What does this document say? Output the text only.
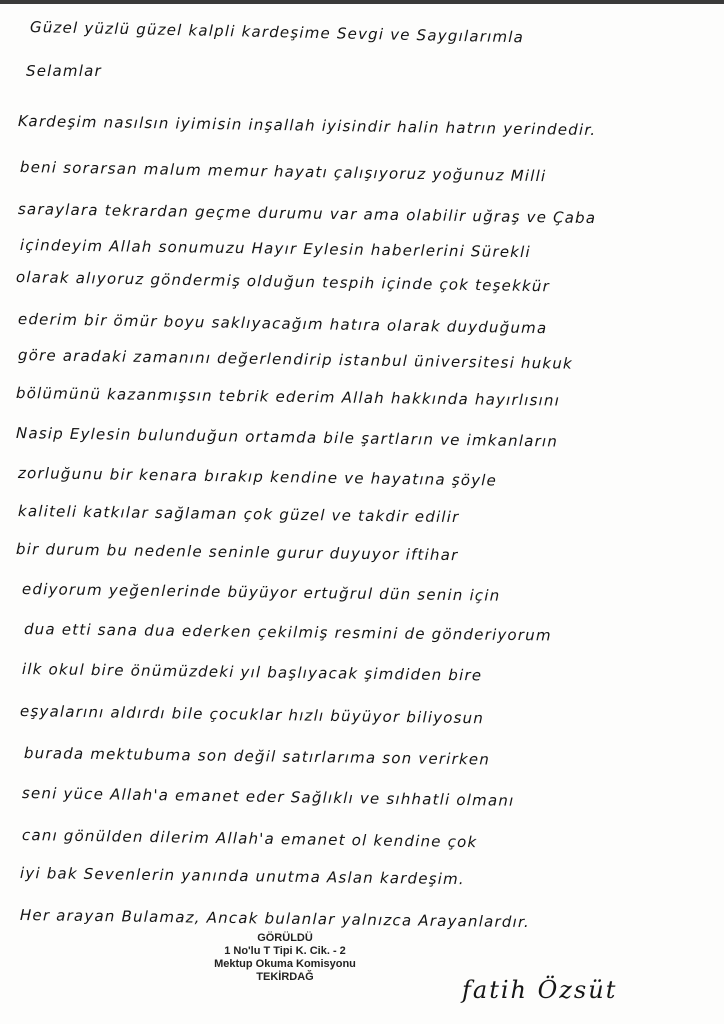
Güzel yüzlü güzel kalpli kardeşime Sevgi ve Saygılarımla
Selamlar
Kardeşim nasılsın iyimisin inşallah iyisindir halin hatrın yerindedir.
beni sorarsan malum memur hayatı çalışıyoruz yoğunuz Milli
saraylara tekrardan geçme durumu var ama olabilir uğraş ve Çaba
içindeyim Allah sonumuzu Hayır Eylesin haberlerini Sürekli
olarak alıyoruz göndermiş olduğun tespih içinde çok teşekkür
ederim bir ömür boyu saklıyacağım hatıra olarak duyduğuma
göre aradaki zamanını değerlendirip istanbul üniversitesi hukuk
bölümünü kazanmışsın tebrik ederim Allah hakkında hayırlısını
Nasip Eylesin bulunduğun ortamda bile şartların ve imkanların
zorluğunu bir kenara bırakıp kendine ve hayatına şöyle
kaliteli katkılar sağlaman çok güzel ve takdir edilir
bir durum bu nedenle seninle gurur duyuyor iftihar
ediyorum yeğenlerinde büyüyor ertuğrul dün senin için
dua etti sana dua ederken çekilmiş resmini de gönderiyorum
ilk okul bire önümüzdeki yıl başlıyacak şimdiden bire
eşyalarını aldırdı bile çocuklar hızlı büyüyor biliyosun
burada mektubuma son değil satırlarıma son verirken
seni yüce Allah'a emanet eder Sağlıklı ve sıhhatli olmanı
canı gönülden dilerim Allah'a emanet ol kendine çok
iyi bak Sevenlerin yanında unutma Aslan kardeşim.
Her arayan Bulamaz, Ancak bulanlar yalnızca Arayanlardır.
GÖRÜLDÜ
1 No'lu T Tipi K. Cik. - 2
Mektup Okuma Komisyonu
TEKİRDAĞ	fatih Özsüt
